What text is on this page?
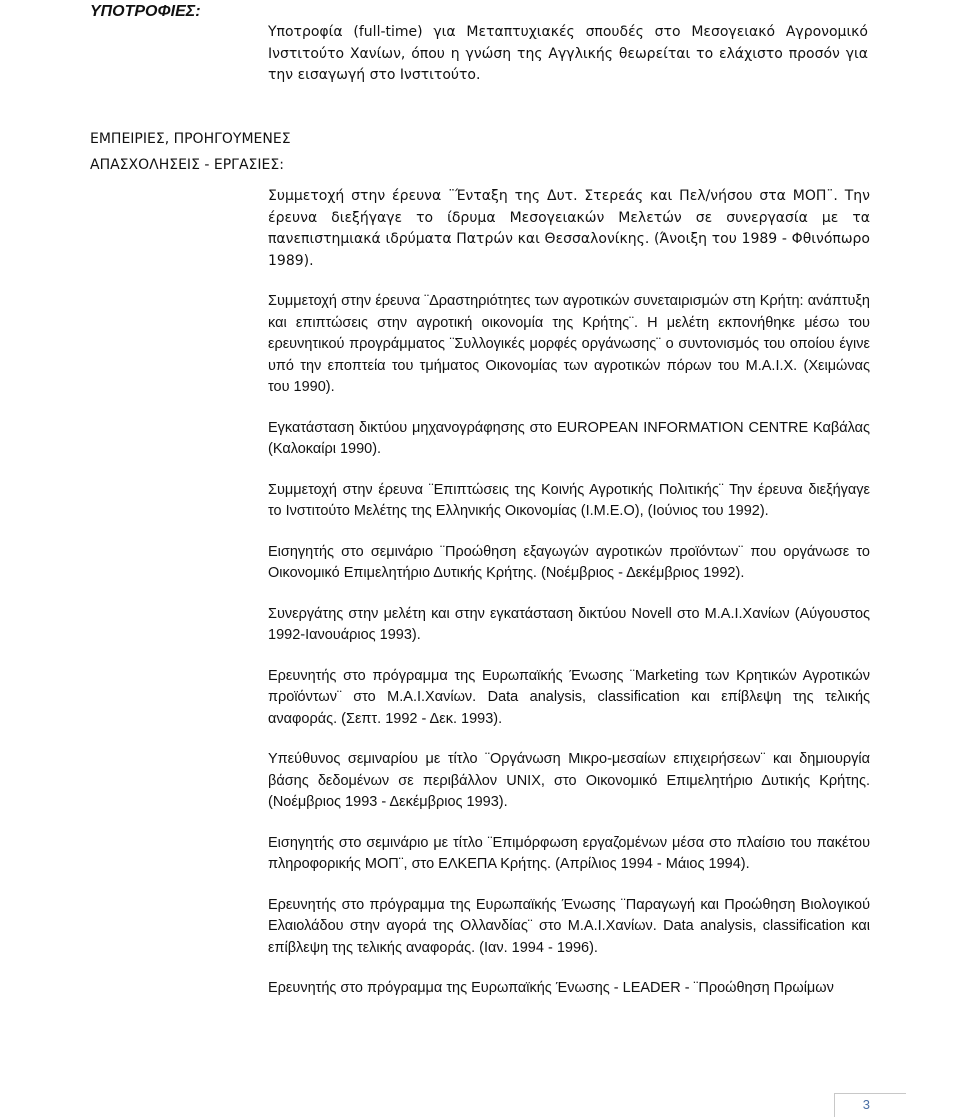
ΥΠΟΤΡΟΦΙΕΣ:

Υποτροφία (full-time) για Μεταπτυχιακές σπουδές στο Μεσογειακό Αγρονομικό Ινστιτούτο Χανίων, όπου η γνώση της Αγγλικής θεωρείται το ελάχιστο προσόν για την εισαγωγή στο Ινστιτούτο.

ΕΜΠΕΙΡΙΕΣ, ΠΡΟΗΓΟΥΜΕΝΕΣ
ΑΠΑΣΧΟΛΗΣΕΙΣ - ΕΡΓΑΣΙΕΣ:

Συμμετοχή στην έρευνα ¨Ένταξη της Δυτ. Στερεάς και Πελ/νήσου στα ΜΟΠ¨. Την έρευνα διεξήγαγε το ίδρυμα Μεσογειακών Μελετών σε συνεργασία με τα πανεπιστημιακά ιδρύματα Πατρών και Θεσσαλονίκης. (Άνοιξη του 1989 - Φθινόπωρο 1989).

Συμμετοχή στην έρευνα ¨Δραστηριότητες των αγροτικών συνεταιρισμών στη Κρήτη: ανάπτυξη και επιπτώσεις στην αγροτική οικονομία της Κρήτης¨. Η μελέτη εκπονήθηκε μέσω του ερευνητικού προγράμματος ¨Συλλογικές μορφές οργάνωσης¨ ο συντονισμός του οποίου έγινε υπό την εποπτεία του τμήματος Οικονομίας των αγροτικών πόρων του Μ.Α.Ι.Χ. (Χειμώνας του 1990).

Εγκατάσταση δικτύου μηχανογράφησης στο EUROPEAN INFORMATION CENTRE Καβάλας (Καλοκαίρι 1990).

Συμμετοχή στην έρευνα ¨Επιπτώσεις της Κοινής Αγροτικής Πολιτικής¨ Την έρευνα διεξήγαγε το Ινστιτούτο Μελέτης της Ελληνικής Οικονομίας (Ι.Μ.Ε.Ο), (Ιούνιος του 1992).

Εισηγητής στο σεμινάριο ¨Προώθηση εξαγωγών αγροτικών προϊόντων¨ που οργάνωσε το Οικονομικό Επιμελητήριο Δυτικής Κρήτης. (Νοέμβριος - Δεκέμβριος 1992).

Συνεργάτης στην μελέτη και στην εγκατάσταση δικτύου Novell στο Μ.Α.Ι.Χανίων (Αύγουστος 1992-Ιανουάριος 1993).

Ερευνητής στο πρόγραμμα της Ευρωπαϊκής Ένωσης ¨Marketing των Κρητικών Αγροτικών προϊόντων¨ στο Μ.Α.Ι.Χανίων. Data analysis, classification και επίβλεψη της τελικής αναφοράς. (Σεπτ. 1992 - Δεκ. 1993).

Υπεύθυνος σεμιναρίου με τίτλο ¨Οργάνωση Μικρο-μεσαίων επιχειρήσεων¨ και δημιουργία βάσης δεδομένων σε περιβάλλον UNIX, στο Οικονομικό Επιμελητήριο Δυτικής Κρήτης. (Νοέμβριος 1993 - Δεκέμβριος 1993).

Εισηγητής στο σεμινάριο με τίτλο ¨Επιμόρφωση εργαζομένων μέσα στο πλαίσιο του πακέτου πληροφορικής ΜΟΠ¨, στο ΕΛΚΕΠΑ Κρήτης. (Απρίλιος 1994 - Μάιος 1994).

Ερευνητής στο πρόγραμμα της Ευρωπαϊκής Ένωσης ¨Παραγωγή και Προώθηση Βιολογικού Ελαιολάδου στην αγορά της Ολλανδίας¨ στο Μ.Α.Ι.Χανίων. Data analysis, classification και επίβλεψη της τελικής αναφοράς. (Ιαν. 1994 - 1996).

Ερευνητής στο πρόγραμμα της Ευρωπαϊκής Ένωσης - LEADER - ¨Προώθηση Πρωίμων

3
